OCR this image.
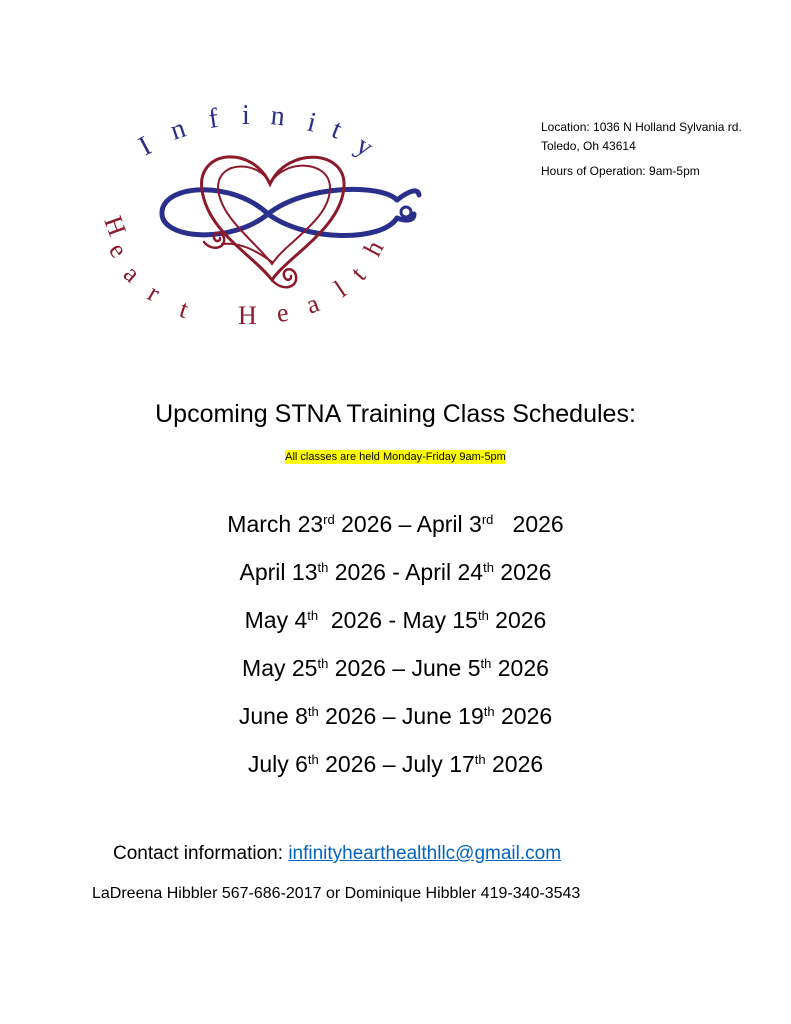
I n f i n i t
y
H
e
a
r
t H e a l
t
h
Location: 1036 N Holland Sylvania rd.
Toledo, Oh 43614
Hours of Operation: 9am-5pm
Upcoming STNA Training Class Schedules:
All classes are held Monday-Friday 9am-5pm
March 23rd 2026 – April 3rd   2026
April 13th 2026 - April 24th 2026
May 4th  2026 - May 15th 2026
May 25th 2026 – June 5th 2026
June 8th 2026 – June 19th 2026
July 6th 2026 – July 17th 2026
Contact information: infinityhearthealthllc@gmail.com
LaDreena Hibbler 567-686-2017 or Dominique Hibbler 419-340-3543
